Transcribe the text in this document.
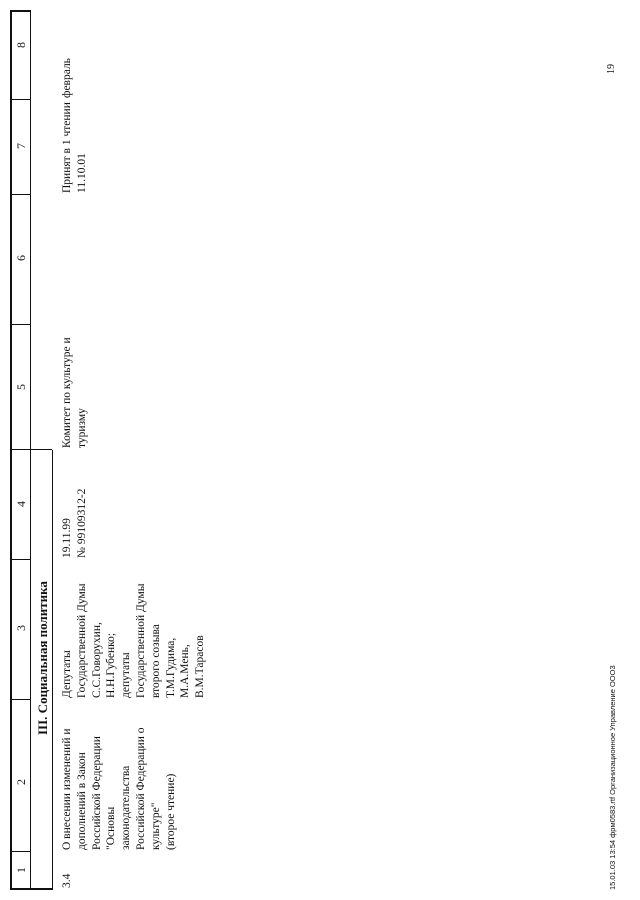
1
2
3
4
5
6
7
8
III. Социальная политика
3.4
О внесении изменений и
дополнений в Закон
Российской Федерации
"Основы
законодательства
Российской Федерации о
культуре"
(второе чтение)
Депутаты
Государственной Думы
С.С.Говорухин,
Н.Н.Губенко;
депутаты
Государственной Думы
второго созыва
Т.М.Гудима,
М.А.Мень,
В.М.Тарасов
19.11.99
№ 99109312-2
Комитет по культуре и
туризму
Принят в 1 чтении
11.10.01
февраль
15.01.03 13:54 фрм0583.rtf Организационное Управление ООО3
19
